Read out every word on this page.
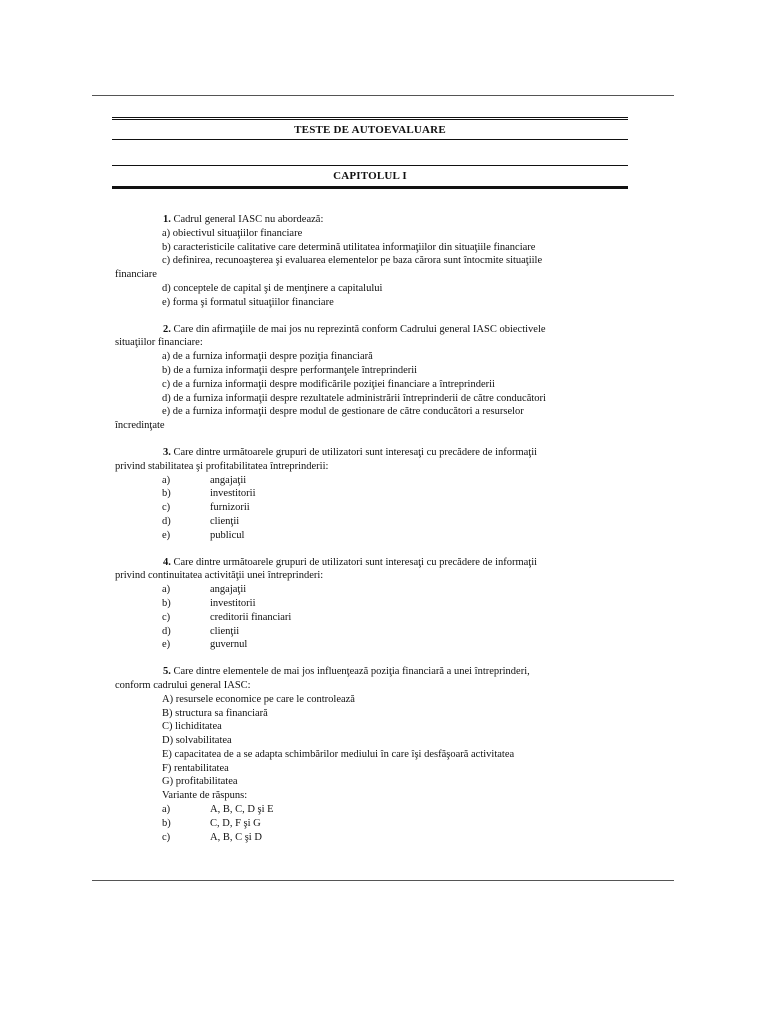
TESTE DE AUTOEVALUARE
CAPITOLUL I
1. Cadrul general IASC nu abordează:
a) obiectivul situaţiilor financiare
b) caracteristicile calitative care determină utilitatea informaţiilor din situaţiile financiare
c) definirea, recunoaşterea şi evaluarea elementelor pe baza cărora sunt întocmite situaţiile
financiare
d) conceptele de capital şi de menţinere a capitalului
e) forma şi formatul situaţiilor financiare
2. Care din afirmaţiile de mai jos nu reprezintă conform Cadrului general IASC obiectivele
situaţiilor financiare:
a) de a furniza informaţii despre poziţia financiară
b) de a furniza informaţii despre performanţele întreprinderii
c) de a furniza informaţii despre modificările poziţiei financiare a întreprinderii
d) de a furniza informaţii despre rezultatele administrării întreprinderii de către conducători
e) de a furniza informaţii despre modul de gestionare de către conducători a resurselor
încredinţate
3. Care dintre următoarele grupuri de utilizatori sunt interesaţi cu precădere de informaţii
privind stabilitatea şi profitabilitatea întreprinderii:
a)	angajaţii
b)	investitorii
c)	furnizorii
d)	clienţii
e)	publicul
4. Care dintre următoarele grupuri de utilizatori sunt interesaţi cu precădere de informaţii
privind continuitatea activităţii unei întreprinderi:
a)	angajaţii
b)	investitorii
c)	creditorii financiari
d)	clienţii
e)	guvernul
5. Care dintre elementele de mai jos influenţează poziţia financiară a unei întreprinderi,
conform cadrului general IASC:
A) resursele economice pe care le controlează
B) structura sa financiară
C) lichiditatea
D) solvabilitatea
E) capacitatea de a se adapta schimbărilor mediului în care îşi desfăşoară activitatea
F) rentabilitatea
G) profitabilitatea
Variante de răspuns:
a)	A, B, C, D şi E
b)	C, D, F şi G
c)	A, B, C şi D
